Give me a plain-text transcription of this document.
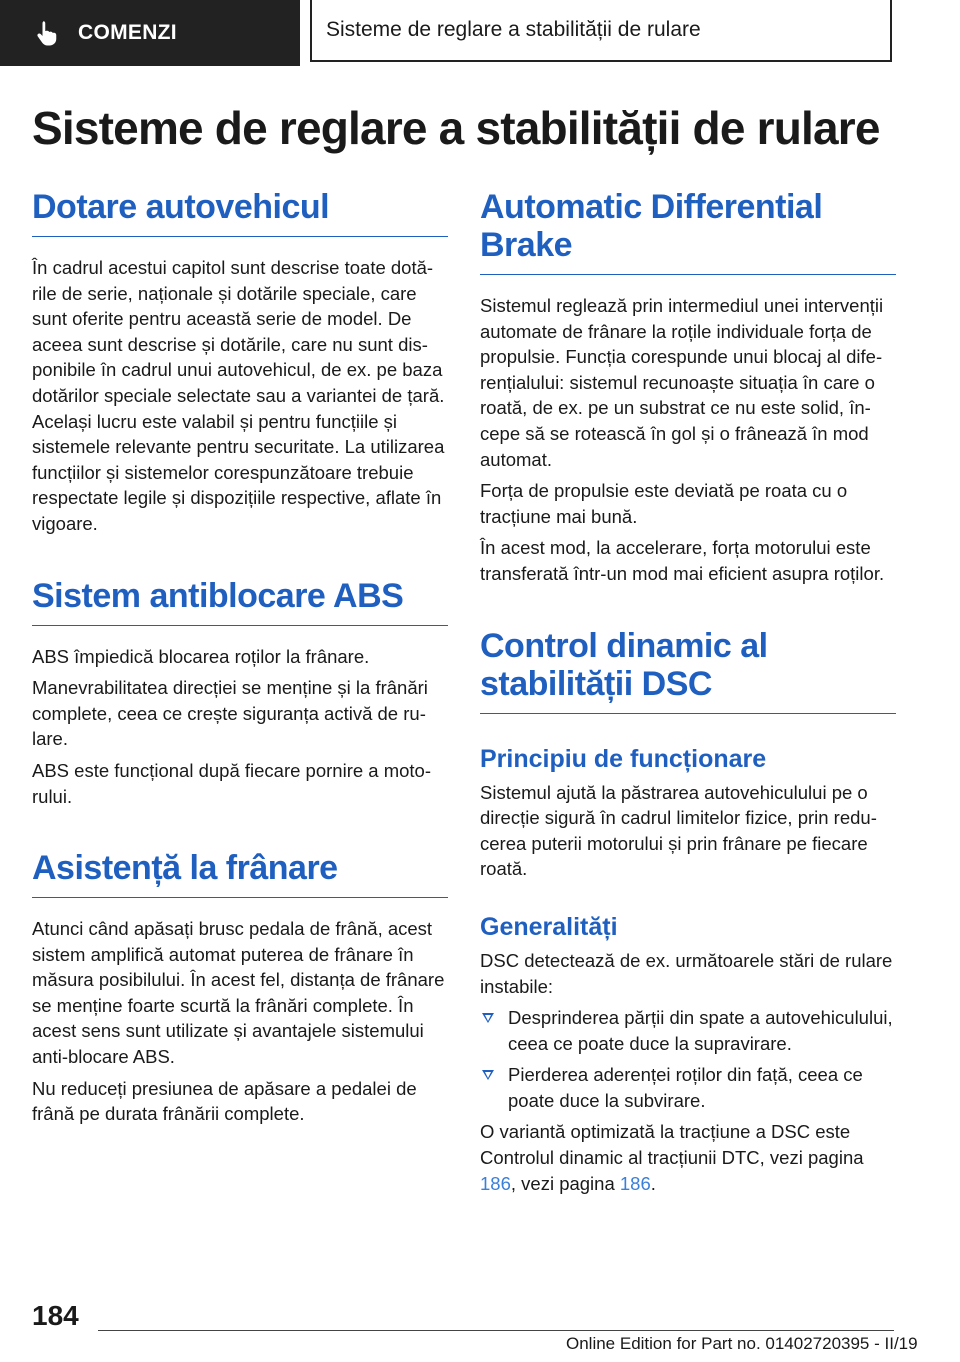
COMENZI	Sisteme de reglare a stabilității de rulare
Sisteme de reglare a stabilității de rulare
Dotare autovehicul

În cadrul acestui capitol sunt descrise toate dotările de serie, naționale și dotările speciale, care sunt oferite pentru această serie de model. De aceea sunt descrise și dotările, care nu sunt disponibile în cadrul unui autovehicul, de ex. pe baza dotărilor speciale selectate sau a variantei de țară. Același lucru este valabil și pentru funcțiile și sistemele relevante pentru securitate. La utilizarea funcțiilor și sistemelor corespunzătoare trebuie respectate legile și dispozițiile respective, aflate în vigoare.

Sistem antiblocare ABS

ABS împiedică blocarea roților la frânare.

Manevrabilitatea direcției se menține și la frânări complete, ceea ce crește siguranța activă de rulare.

ABS este funcțional după fiecare pornire a motorului.

Asistență la frânare

Atunci când apăsați brusc pedala de frână, acest sistem amplifică automat puterea de frânare în măsura posibilului. În acest fel, distanța de frânare se menține foarte scurtă la frânări complete. În acest sens sunt utilizate și avantajele sistemului anti-blocare ABS.

Nu reduceți presiunea de apăsare a pedalei de frână pe durata frânării complete.

Automatic Differential Brake

Sistemul reglează prin intermediul unei intervenții automate de frânare la roțile individuale forța de propulsie. Funcția corespunde unui blocaj al diferențialului: sistemul recunoaște situația în care o roată, de ex. pe un substrat ce nu este solid, începe să se rotească în gol și o frânează în mod automat.

Forța de propulsie este deviată pe roata cu o tracțiune mai bună.

În acest mod, la accelerare, forța motorului este transferată într-un mod mai eficient asupra roților.

Control dinamic al stabilității DSC
Principiu de funcționare

Sistemul ajută la păstrarea autovehiculului pe o direcție sigură în cadrul limitelor fizice, prin reducerea puterii motorului și prin frânare pe fiecare roată.

Generalități

DSC detectează de ex. următoarele stări de rulare instabile:

Desprinderea părții din spate a autovehiculului, ceea ce poate duce la supravirare.
Pierderea aderenței roților din față, ceea ce poate duce la subvirare.

O variantă optimizată la tracțiune a DSC este Controlul dinamic al tracțiunii DTC, vezi pagina 186, vezi pagina 186.

184
Online Edition for Part no. 01402720395 - II/19
